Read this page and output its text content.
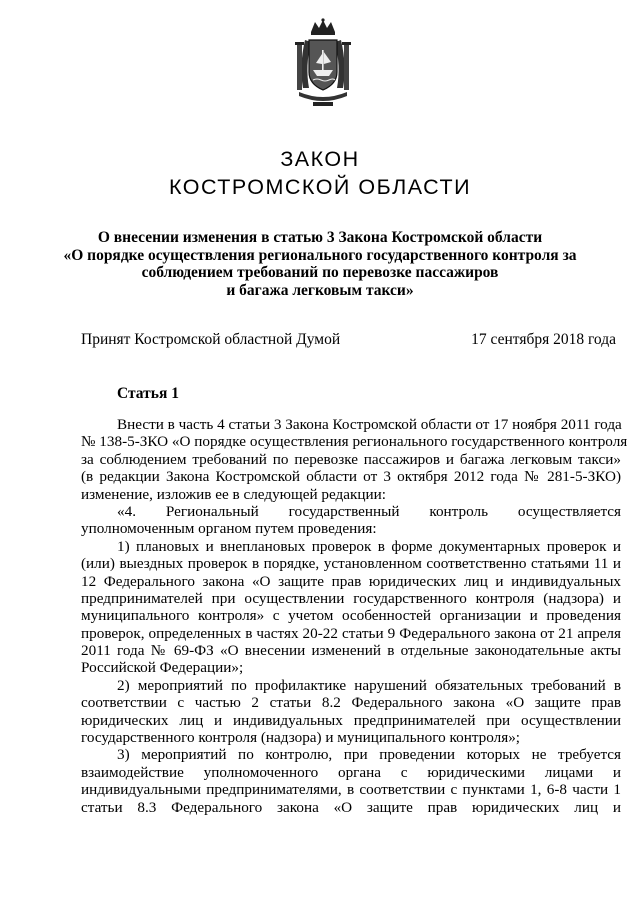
ЗАКОН
КОСТРОМСКОЙ ОБЛАСТИ
О внесении изменения в статью 3 Закона Костромской области
«О порядке осуществления регионального государственного контроля за
соблюдением требований по перевозке пассажиров
и багажа легковым такси»
Принят Костромской областной Думой	17 сентября 2018 года
Статья 1
Внести в часть 4 статьи 3 Закона Костромской области от 17 ноября 2011 года
№ 138-5-ЗКО «О порядке осуществления регионального государственного контроля
за соблюдением требований по перевозке пассажиров и багажа легковым такси»
(в редакции Закона Костромской области от 3 октября 2012 года № 281-5-ЗКО)
изменение, изложив ее в следующей редакции:
«4. Региональный государственный контроль осуществляется
уполномоченным органом путем проведения:
1) плановых и внеплановых проверок в форме документарных проверок и
(или) выездных проверок в порядке, установленном соответственно статьями 11 и
12 Федерального закона «О защите прав юридических лиц и индивидуальных
предпринимателей при осуществлении государственного контроля (надзора) и
муниципального контроля» с учетом особенностей организации и проведения
проверок, определенных в частях 20-22 статьи 9 Федерального закона от 21 апреля
2011 года № 69-ФЗ «О внесении изменений в отдельные законодательные акты
Российской Федерации»;
2) мероприятий по профилактике нарушений обязательных требований в
соответствии с частью 2 статьи 8.2 Федерального закона «О защите прав
юридических лиц и индивидуальных предпринимателей при осуществлении
государственного контроля (надзора) и муниципального контроля»;
3) мероприятий по контролю, при проведении которых не требуется
взаимодействие уполномоченного органа с юридическими лицами и
индивидуальными предпринимателями, в соответствии с пунктами 1, 6-8 части 1
статьи 8.3 Федерального закона «О защите прав юридических лиц и
